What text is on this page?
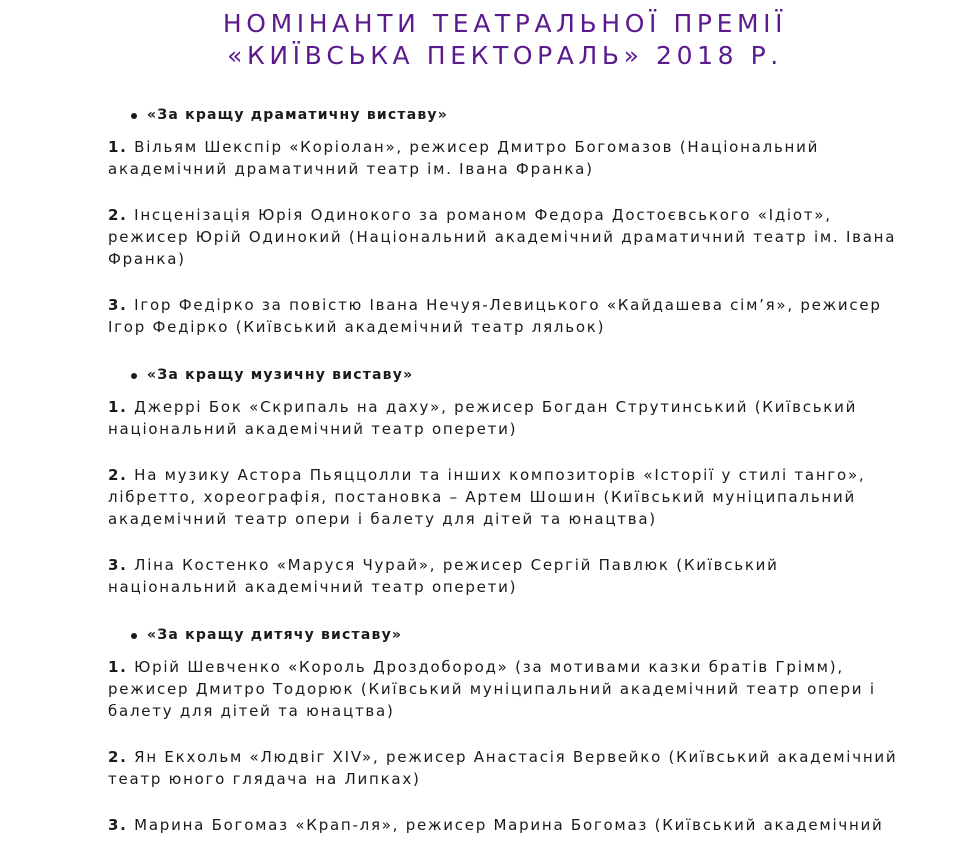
НОМІНАНТИ ТЕАТРАЛЬНОЇ ПРЕМІЇ
«КИЇВСЬКА ПЕКТОРАЛЬ» 2018 Р.
«За кращу драматичну виставу»
1. Вільям Шекспір «Коріолан», режисер Дмитро Богомазов (Національний академічний драматичний театр ім. Івана Франка)
2. Інсценізація Юрія Одинокого за романом Федора Достоєвського «Ідіот», режисер Юрій Одинокий (Національний академічний драматичний театр ім. Івана Франка)
3. Ігор Федірко за повістю Івана Нечуя-Левицького «Кайдашева сім’я», режисер Ігор Федірко (Київський академічний театр ляльок)
«За кращу музичну виставу»
1. Джеррі Бок «Скрипаль на даху», режисер Богдан Струтинський (Київський національний академічний театр оперети)
2. На музику Астора Пьяццолли та інших композиторів «Історії у стилі танго», лібретто, хореографія, постановка – Артем Шошин (Київський муніципальний академічний театр опери і балету для дітей та юнацтва)
3. Ліна Костенко «Маруся Чурай», режисер Сергій Павлюк (Київський національний академічний театр оперети)
«За кращу дитячу виставу»
1. Юрій Шевченко «Король Дроздобород» (за мотивами казки братів Грімм), режисер Дмитро Тодорюк (Київський муніципальний академічний театр опери і балету для дітей та юнацтва)
2. Ян Екхольм «Людвіг XIV», режисер Анастасія Вервейко (Київський академічний театр юного глядача на Липках)
3. Марина Богомаз «Крап-ля», режисер Марина Богомаз (Київський академічний
